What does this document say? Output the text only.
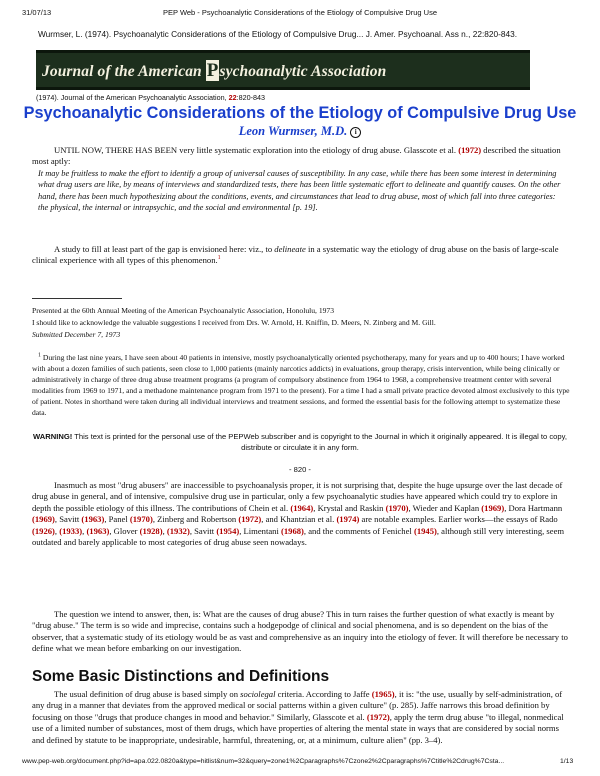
31/07/13	PEP Web - Psychoanalytic Considerations of the Etiology of Compulsive Drug Use
Wurmser, L. (1974). Psychoanalytic Considerations of the Etiology of Compulsive Drug... J. Amer. Psychoanal. Ass n., 22:820-843.
Journal of the American Psychoanalytic Association
(1974). Journal of the American Psychoanalytic Association, 22:820-843
Psychoanalytic Considerations of the Etiology of Compulsive Drug Use
Leon Wurmser, M.D. i

UNTIL NOW, THERE HAS BEEN very little systematic exploration into the etiology of drug abuse. Glasscote et al. (1972) described the situation most aptly:

It may be fruitless to make the effort to identify a group of universal causes of susceptibility. In any case, while there has been some interest in determining what drug users are like, by means of interviews and standardized tests, there has been little systematic effort to delineate and quantify causes. On the other hand, there has been much hypothesizing about the conditions, events, and circumstances that lead to drug abuse, most of which fall into three categories: the physical, the internal or intrapsychic, and the social and environmental [p. 19].

A study to fill at least part of the gap is envisioned here: viz., to delineate in a systematic way the etiology of drug abuse on the basis of large-scale clinical experience with all types of this phenomenon.$^1$

Presented at the 60th Annual Meeting of the American Psychoanalytic Association, Honolulu, 1973

I should like to acknowledge the valuable suggestions I received from Drs. W. Arnold, H. Kniffin, D. Meers, N. Zinberg and M. Gill.

Submitted December 7, 1973

$^1$ During the last nine years, I have seen about 40 patients in intensive, mostly psychoanalytically oriented psychotherapy, many for years and up to 400 hours; I have worked with about a dozen families of such patients, seen close to 1,000 patients (mainly narcotics addicts) in evaluations, group therapy, crisis intervention, while being clinically or administratively in charge of three drug abuse treatment programs (a program of compulsory abstinence from 1964 to 1968, a comprehensive treatment center with several modalities from 1969 to 1971, and a methadone maintenance program from 1971 to the present). For a time I had a small private practice devoted almost exclusively to this type of patient. Notes in shorthand were taken during all individual interviews and treatment sessions, and formed the essential basis for the following attempt to systematize these data.

WARNING! This text is printed for the personal use of the PEPWeb subscriber and is copyright to the Journal in which it originally appeared. It is illegal to copy, distribute or circulate it in any form.
- 820 -

Inasmuch as most "drug abusers" are inaccessible to psychoanalysis proper, it is not surprising that, despite the huge upsurge over the last decade of drug abuse in general, and of intensive, compulsive drug use in particular, only a few psychoanalytic studies have appeared which could try to explore in depth the possible etiology of this illness. The contributions of Chein et al. (1964), Krystal and Raskin (1970), Wieder and Kaplan (1969), Dora Hartmann (1969), Savitt (1963), Panel (1970), Zinberg and Robertson (1972), and Khantzian et al. (1974) are notable examples. Earlier works—the essays of Rado (1926), (1933), (1963), Glover (1928), (1932), Savitt (1954), Limentani (1968), and the comments of Fenichel (1945), although still very interesting, seem outdated and barely applicable to most categories of drug abuse seen nowadays.

The question we intend to answer, then, is: What are the causes of drug abuse? This in turn raises the further question of what exactly is meant by "drug abuse." The term is so wide and imprecise, contains such a hodgepodge of clinical and social phenomena, and is so dependent on the bias of the observer, that a systematic study of its etiology would be as vast and comprehensive as an inquiry into the etiology of fever. It will therefore be necessary to define what we mean before embarking on our investigation.

Some Basic Distinctions and Definitions

The usual definition of drug abuse is based simply on sociolegal criteria. According to Jaffe (1965), it is: "the use, usually by self-administration, of any drug in a manner that deviates from the approved medical or social patterns within a given culture" (p. 285). Jaffe narrows this broad definition by focusing on those "drugs that produce changes in mood and behavior." Similarly, Glasscote et al. (1972), apply the term drug abuse "to illegal, nonmedical use of a limited number of substances, most of them drugs, which have properties of altering the mental state in ways that are considered by social norms and defined by statute to be inappropriate, undesirable, harmful, threatening, or, at a minimum, culture alien" (pp. 3–4).

www.pep-web.org/document.php?id=apa.022.0820a&type=hitlist&num=32&query=zone1%2Cparagraphs%7Czone2%2Cparagraphs%7Ctitle%2Cdrug%7Csta...	1/13
